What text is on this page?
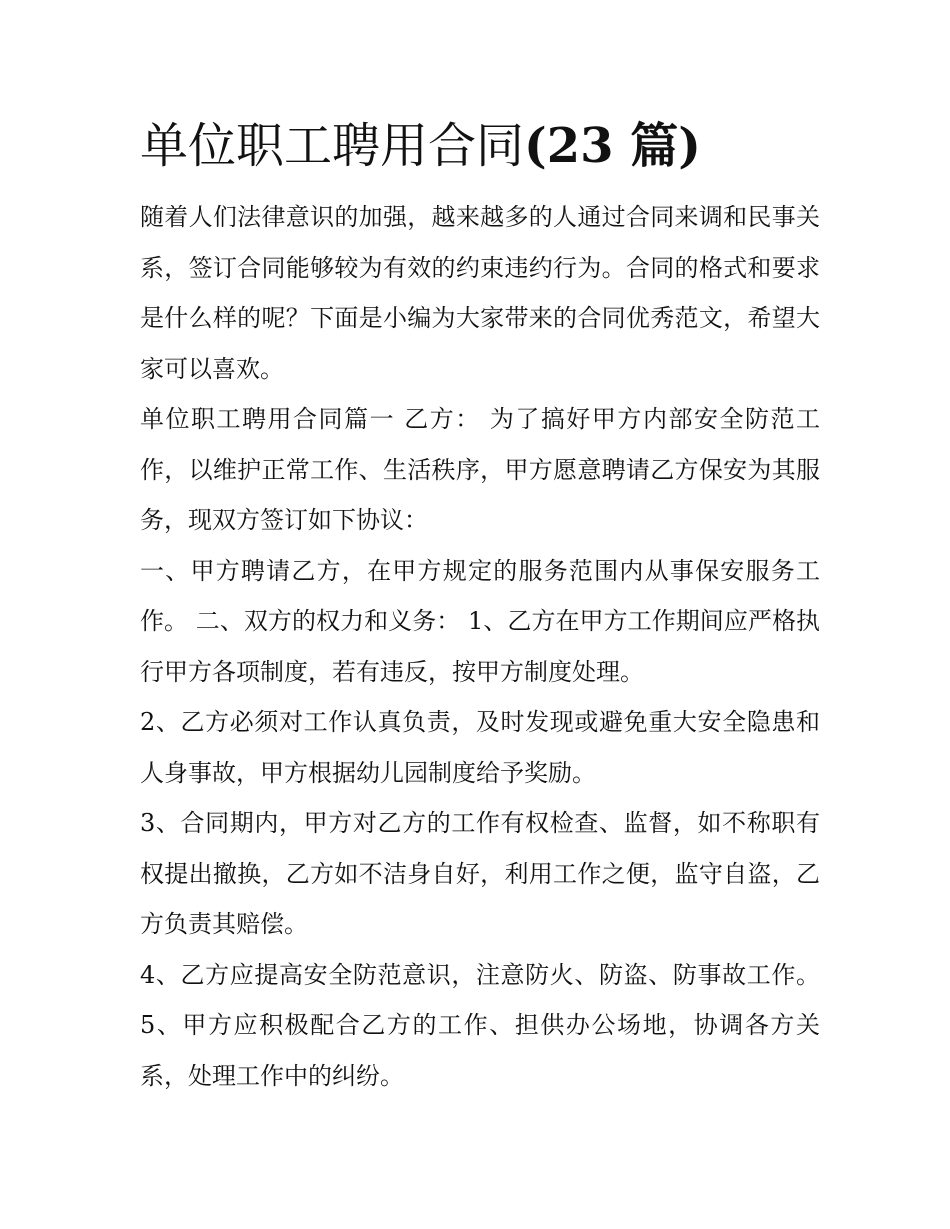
单位职工聘用合同(23 篇)

随着人们法律意识的加强，越来越多的人通过合同来调和民事关系，签订合同能够较为有效的约束违约行为。合同的格式和要求是什么样的呢？下面是小编为大家带来的合同优秀范文，希望大家可以喜欢。

单位职工聘用合同篇一 乙方： 为了搞好甲方内部安全防范工作，以维护正常工作、生活秩序，甲方愿意聘请乙方保安为其服务，现双方签订如下协议：

一、甲方聘请乙方，在甲方规定的服务范围内从事保安服务工作。 二、双方的权力和义务： 1、乙方在甲方工作期间应严格执行甲方各项制度，若有违反，按甲方制度处理。

2、乙方必须对工作认真负责，及时发现或避免重大安全隐患和人身事故，甲方根据幼儿园制度给予奖励。

3、合同期内，甲方对乙方的工作有权检查、监督，如不称职有权提出撤换，乙方如不洁身自好，利用工作之便，监守自盗，乙方负责其赔偿。

4、乙方应提高安全防范意识，注意防火、防盗、防事故工作。 5、甲方应积极配合乙方的工作、担供办公场地，协调各方关系，处理工作中的纠纷。
